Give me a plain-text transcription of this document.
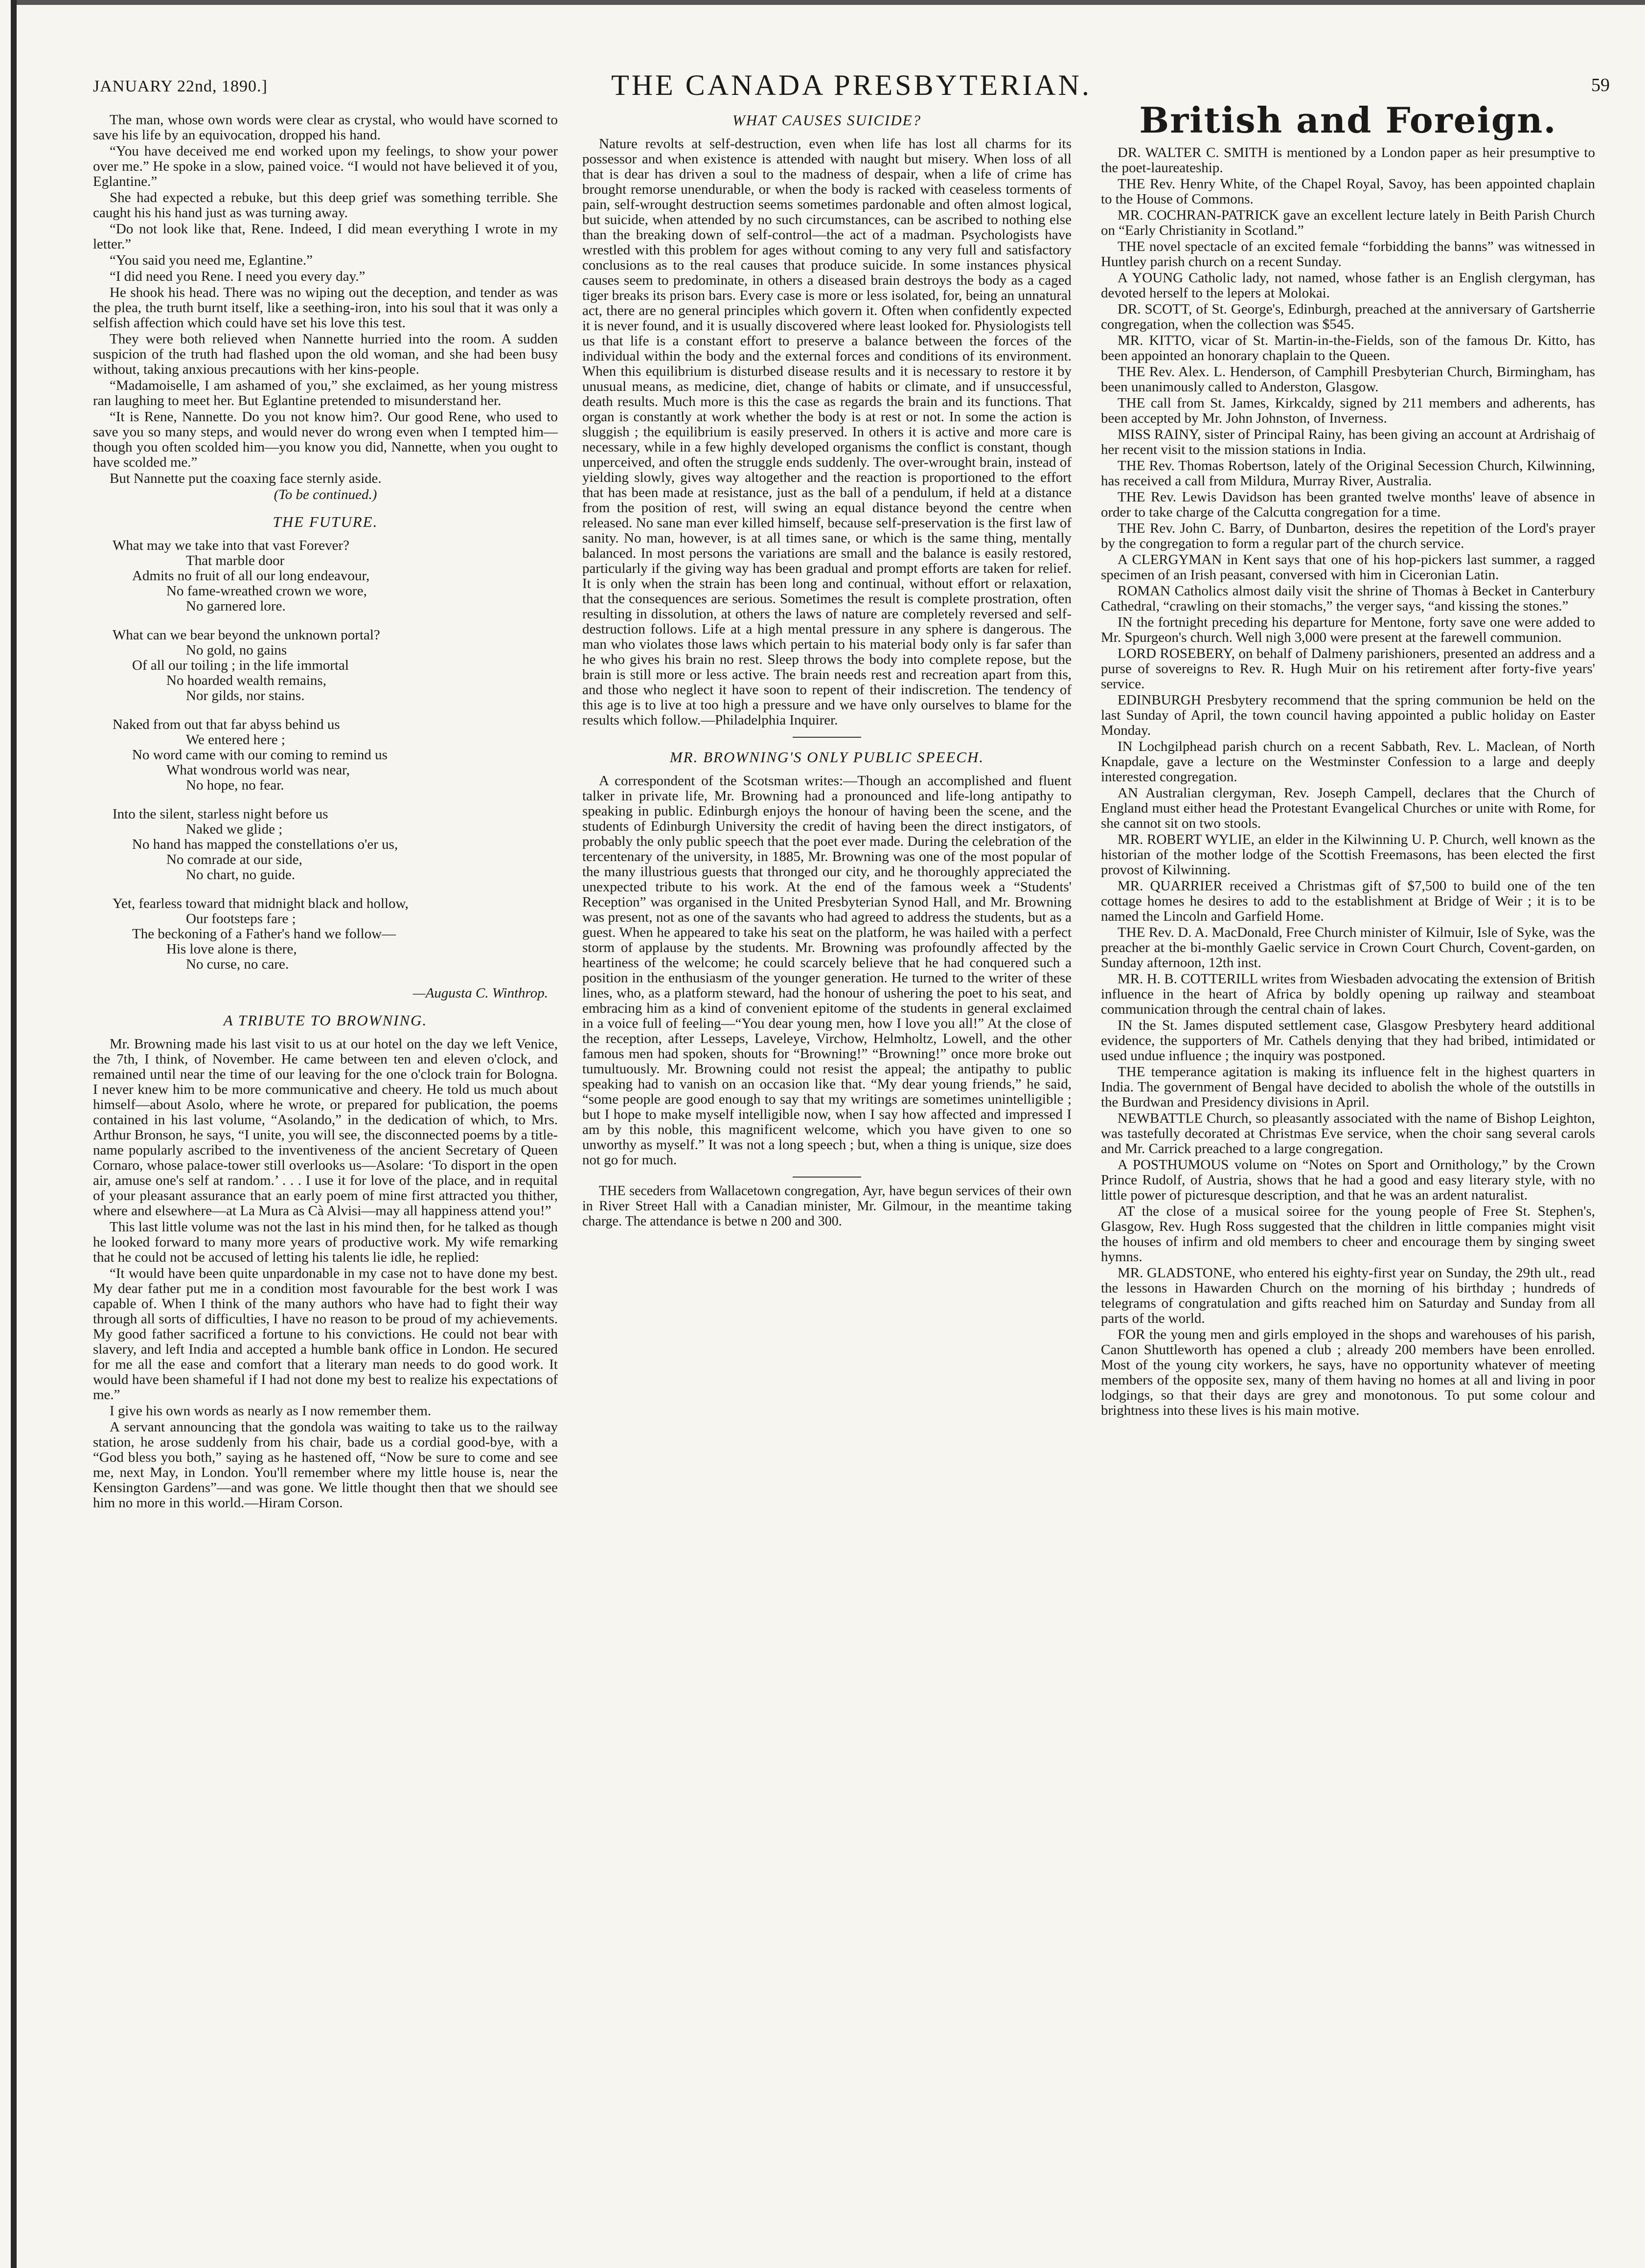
THE CANADA PRESBYTERIAN.
JANUARY 22nd, 1890.]	59

The man, whose own words were clear as crystal, who would have scorned to save his life by an equivocation, dropped his hand.

“You have deceived me end worked upon my feelings, to show your power over me.” He spoke in a slow, pained voice. “I would not have believed it of you, Eglantine.”

She had expected a rebuke, but this deep grief was something terrible. She caught his his hand just as was turning away.

“Do not look like that, Rene. Indeed, I did mean everything I wrote in my letter.”

“You said you need me, Eglantine.”

“I did need you Rene. I need you every day.”

He shook his head. There was no wiping out the deception, and tender as was the plea, the truth burnt itself, like a seething-iron, into his soul that it was only a selfish affection which could have set his love this test.

They were both relieved when Nannette hurried into the room. A sudden suspicion of the truth had flashed upon the old woman, and she had been busy without, taking anxious precautions with her kins-people.

“Madamoiselle, I am ashamed of you,” she exclaimed, as her young mistress ran laughing to meet her. But Eglantine pretended to misunderstand her.

“It is Rene, Nannette. Do you not know him?. Our good Rene, who used to save you so many steps, and would never do wrong even when I tempted him—though you often scolded him—you know you did, Nannette, when you ought to have scolded me.”

But Nannette put the coaxing face sternly aside.

(To be continued.)

THE FUTURE.
What may we take into that vast Forever?
That marble door
Admits no fruit of all our long endeavour,
No fame-wreathed crown we wore,
No garnered lore.
What can we bear beyond the unknown portal?
No gold, no gains
Of all our toiling ; in the life immortal
No hoarded wealth remains,
Nor gilds, nor stains.
Naked from out that far abyss behind us
We entered here ;
No word came with our coming to remind us
What wondrous world was near,
No hope, no fear.
Into the silent, starless night before us
Naked we glide ;
No hand has mapped the constellations o'er us,
No comrade at our side,
No chart, no guide.
Yet, fearless toward that midnight black and hollow,
Our footsteps fare ;
The beckoning of a Father's hand we follow—
His love alone is there,
No curse, no care.
—Augusta C. Winthrop.
A TRIBUTE TO BROWNING.

Mr. Browning made his last visit to us at our hotel on the day we left Venice, the 7th, I think, of November. He came between ten and eleven o'clock, and remained until near the time of our leaving for the one o'clock train for Bologna. I never knew him to be more communicative and cheery. He told us much about himself—about Asolo, where he wrote, or prepared for publication, the poems contained in his last volume, “Asolando,” in the dedication of which, to Mrs. Arthur Bronson, he says, “I unite, you will see, the disconnected poems by a title-name popularly ascribed to the inventiveness of the ancient Secretary of Queen Cornaro, whose palace-tower still overlooks us—Asolare: ‘To disport in the open air, amuse one's self at random.’ . . . I use it for love of the place, and in requital of your pleasant assurance that an early poem of mine first attracted you thither, where and elsewhere—at La Mura as Cà Alvisi—may all happiness attend you!”

This last little volume was not the last in his mind then, for he talked as though he looked forward to many more years of productive work. My wife remarking that he could not be accused of letting his talents lie idle, he replied:

“It would have been quite unpardonable in my case not to have done my best. My dear father put me in a condition most favourable for the best work I was capable of. When I think of the many authors who have had to fight their way through all sorts of difficulties, I have no reason to be proud of my achievements. My good father sacrificed a fortune to his convictions. He could not bear with slavery, and left India and accepted a humble bank office in London. He secured for me all the ease and comfort that a literary man needs to do good work. It would have been shameful if I had not done my best to realize his expectations of me.”

I give his own words as nearly as I now remember them.

A servant announcing that the gondola was waiting to take us to the railway station, he arose suddenly from his chair, bade us a cordial good-bye, with a “God bless you both,” saying as he hastened off, “Now be sure to come and see me, next May, in London. You'll remember where my little house is, near the Kensington Gardens”—and was gone. We little thought then that we should see him no more in this world.—Hiram Corson.

WHAT CAUSES SUICIDE?

Nature revolts at self-destruction, even when life has lost all charms for its possessor and when existence is attended with naught but misery. When loss of all that is dear has driven a soul to the madness of despair, when a life of crime has brought remorse unendurable, or when the body is racked with ceaseless torments of pain, self-wrought destruction seems sometimes pardonable and often almost logical, but suicide, when attended by no such circumstances, can be ascribed to nothing else than the breaking down of self-control—the act of a madman. Psychologists have wrestled with this problem for ages without coming to any very full and satisfactory conclusions as to the real causes that produce suicide. In some instances physical causes seem to predominate, in others a diseased brain destroys the body as a caged tiger breaks its prison bars. Every case is more or less isolated, for, being an unnatural act, there are no general principles which govern it. Often when confidently expected it is never found, and it is usually discovered where least looked for. Physiologists tell us that life is a constant effort to preserve a balance between the forces of the individual within the body and the external forces and conditions of its environment. When this equilibrium is disturbed disease results and it is necessary to restore it by unusual means, as medicine, diet, change of habits or climate, and if unsuccessful, death results. Much more is this the case as regards the brain and its functions. That organ is constantly at work whether the body is at rest or not. In some the action is sluggish ; the equilibrium is easily preserved. In others it is active and more care is necessary, while in a few highly developed organisms the conflict is constant, though unperceived, and often the struggle ends suddenly. The over-wrought brain, instead of yielding slowly, gives way altogether and the reaction is proportioned to the effort that has been made at resistance, just as the ball of a pendulum, if held at a distance from the position of rest, will swing an equal distance beyond the centre when released. No sane man ever killed himself, because self-preservation is the first law of sanity. No man, however, is at all times sane, or which is the same thing, mentally balanced. In most persons the variations are small and the balance is easily restored, particularly if the giving way has been gradual and prompt efforts are taken for relief. It is only when the strain has been long and continual, without effort or relaxation, that the consequences are serious. Sometimes the result is complete prostration, often resulting in dissolution, at others the laws of nature are completely reversed and self-destruction follows. Life at a high mental pressure in any sphere is dangerous. The man who violates those laws which pertain to his material body only is far safer than he who gives his brain no rest. Sleep throws the body into complete repose, but the brain is still more or less active. The brain needs rest and recreation apart from this, and those who neglect it have soon to repent of their indiscretion. The tendency of this age is to live at too high a pressure and we have only ourselves to blame for the results which follow.—Philadelphia Inquirer.

MR. BROWNING'S ONLY PUBLIC SPEECH.

A correspondent of the Scotsman writes:—Though an accomplished and fluent talker in private life, Mr. Browning had a pronounced and life-long antipathy to speaking in public. Edinburgh enjoys the honour of having been the scene, and the students of Edinburgh University the credit of having been the direct instigators, of probably the only public speech that the poet ever made. During the celebration of the tercentenary of the university, in 1885, Mr. Browning was one of the most popular of the many illustrious guests that thronged our city, and he thoroughly appreciated the unexpected tribute to his work. At the end of the famous week a “Students' Reception” was organised in the United Presbyterian Synod Hall, and Mr. Browning was present, not as one of the savants who had agreed to address the students, but as a guest. When he appeared to take his seat on the platform, he was hailed with a perfect storm of applause by the students. Mr. Browning was profoundly affected by the heartiness of the welcome; he could scarcely believe that he had conquered such a position in the enthusiasm of the younger generation. He turned to the writer of these lines, who, as a platform steward, had the honour of ushering the poet to his seat, and embracing him as a kind of convenient epitome of the students in general exclaimed in a voice full of feeling—“You dear young men, how I love you all!” At the close of the reception, after Lesseps, Laveleye, Virchow, Helmholtz, Lowell, and the other famous men had spoken, shouts for “Browning!” “Browning!” once more broke out tumultuously. Mr. Browning could not resist the appeal; the antipathy to public speaking had to vanish on an occasion like that. “My dear young friends,” he said, “some people are good enough to say that my writings are sometimes unintelligible ; but I hope to make myself intelligible now, when I say how affected and impressed I am by this noble, this magnificent welcome, which you have given to one so unworthy as myself.” It was not a long speech ; but, when a thing is unique, size does not go for much.

THE seceders from Wallacetown congregation, Ayr, have begun services of their own in River Street Hall with a Canadian minister, Mr. Gilmour, in the meantime taking charge. The attendance is betwe n 200 and 300.

British and Foreign.

DR. WALTER C. SMITH is mentioned by a London paper as heir presumptive to the poet-laureateship.

THE Rev. Henry White, of the Chapel Royal, Savoy, has been appointed chaplain to the House of Commons.

MR. COCHRAN-PATRICK gave an excellent lecture lately in Beith Parish Church on “Early Christianity in Scotland.”

THE novel spectacle of an excited female “forbidding the banns” was witnessed in Huntley parish church on a recent Sunday.

A YOUNG Catholic lady, not named, whose father is an English clergyman, has devoted herself to the lepers at Molokai.

DR. SCOTT, of St. George's, Edinburgh, preached at the anniversary of Gartsherrie congregation, when the collection was $545.

MR. KITTO, vicar of St. Martin-in-the-Fields, son of the famous Dr. Kitto, has been appointed an honorary chaplain to the Queen.

THE Rev. Alex. L. Henderson, of Camphill Presbyterian Church, Birmingham, has been unanimously called to Anderston, Glasgow.

THE call from St. James, Kirkcaldy, signed by 211 members and adherents, has been accepted by Mr. John Johnston, of Inverness.

MISS RAINY, sister of Principal Rainy, has been giving an account at Ardrishaig of her recent visit to the mission stations in India.

THE Rev. Thomas Robertson, lately of the Original Secession Church, Kilwinning, has received a call from Mildura, Murray River, Australia.

THE Rev. Lewis Davidson has been granted twelve months' leave of absence in order to take charge of the Calcutta congregation for a time.

THE Rev. John C. Barry, of Dunbarton, desires the repetition of the Lord's prayer by the congregation to form a regular part of the church service.

A CLERGYMAN in Kent says that one of his hop-pickers last summer, a ragged specimen of an Irish peasant, conversed with him in Ciceronian Latin.

ROMAN Catholics almost daily visit the shrine of Thomas à Becket in Canterbury Cathedral, “crawling on their stomachs,” the verger says, “and kissing the stones.”

IN the fortnight preceding his departure for Mentone, forty save one were added to Mr. Spurgeon's church. Well nigh 3,000 were present at the farewell communion.

LORD ROSEBERY, on behalf of Dalmeny parishioners, presented an address and a purse of sovereigns to Rev. R. Hugh Muir on his retirement after forty-five years' service.

EDINBURGH Presbytery recommend that the spring communion be held on the last Sunday of April, the town council having appointed a public holiday on Easter Monday.

IN Lochgilphead parish church on a recent Sabbath, Rev. L. Maclean, of North Knapdale, gave a lecture on the Westminster Confession to a large and deeply interested congregation.

AN Australian clergyman, Rev. Joseph Campell, declares that the Church of England must either head the Protestant Evangelical Churches or unite with Rome, for she cannot sit on two stools.

MR. ROBERT WYLIE, an elder in the Kilwinning U. P. Church, well known as the historian of the mother lodge of the Scottish Freemasons, has been elected the first provost of Kilwinning.

MR. QUARRIER received a Christmas gift of $7,500 to build one of the ten cottage homes he desires to add to the establishment at Bridge of Weir ; it is to be named the Lincoln and Garfield Home.

THE Rev. D. A. MacDonald, Free Church minister of Kilmuir, Isle of Syke, was the preacher at the bi-monthly Gaelic service in Crown Court Church, Covent-garden, on Sunday afternoon, 12th inst.

MR. H. B. COTTERILL writes from Wiesbaden advocating the extension of British influence in the heart of Africa by boldly opening up railway and steamboat communication through the central chain of lakes.

IN the St. James disputed settlement case, Glasgow Presbytery heard additional evidence, the supporters of Mr. Cathels denying that they had bribed, intimidated or used undue influence ; the inquiry was postponed.

THE temperance agitation is making its influence felt in the highest quarters in India. The government of Bengal have decided to abolish the whole of the outstills in the Burdwan and Presidency divisions in April.

NEWBATTLE Church, so pleasantly associated with the name of Bishop Leighton, was tastefully decorated at Christmas Eve service, when the choir sang several carols and Mr. Carrick preached to a large congregation.

A POSTHUMOUS volume on “Notes on Sport and Ornithology,” by the Crown Prince Rudolf, of Austria, shows that he had a good and easy literary style, with no little power of picturesque description, and that he was an ardent naturalist.

AT the close of a musical soiree for the young people of Free St. Stephen's, Glasgow, Rev. Hugh Ross suggested that the children in little companies might visit the houses of infirm and old members to cheer and encourage them by singing sweet hymns.

MR. GLADSTONE, who entered his eighty-first year on Sunday, the 29th ult., read the lessons in Hawarden Church on the morning of his birthday ; hundreds of telegrams of congratulation and gifts reached him on Saturday and Sunday from all parts of the world.

FOR the young men and girls employed in the shops and warehouses of his parish, Canon Shuttleworth has opened a club ; already 200 members have been enrolled. Most of the young city workers, he says, have no opportunity whatever of meeting members of the opposite sex, many of them having no homes at all and living in poor lodgings, so that their days are grey and monotonous. To put some colour and brightness into these lives is his main motive.
